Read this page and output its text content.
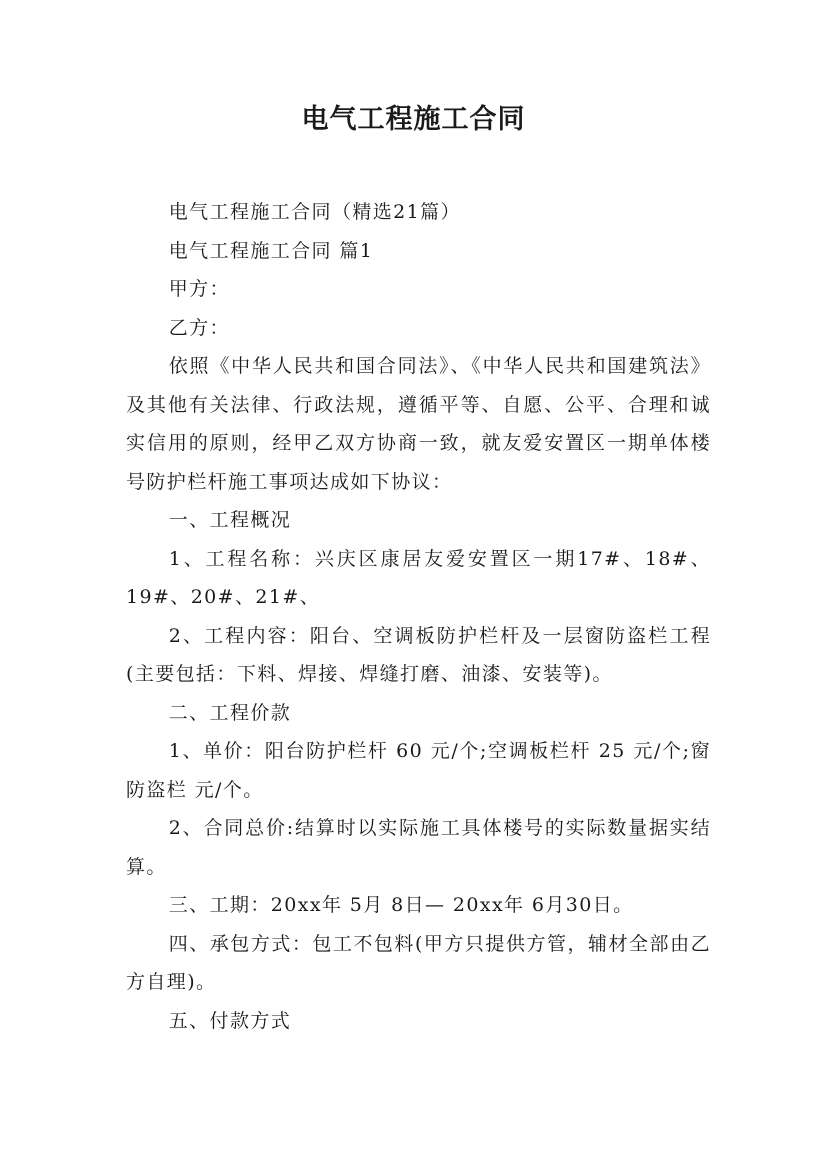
电气工程施工合同

电气工程施工合同（精选21篇）

电气工程施工合同 篇1

甲方：

乙方：

依照《中华人民共和国合同法》、《中华人民共和国建筑法》及其他有关法律、行政法规，遵循平等、自愿、公平、合理和诚实信用的原则，经甲乙双方协商一致，就友爱安置区一期单体楼号防护栏杆施工事项达成如下协议：

一、工程概况

1、工程名称：兴庆区康居友爱安置区一期17#、18#、19#、20#、21#、

2、工程内容：阳台、空调板防护栏杆及一层窗防盗栏工程(主要包括：下料、焊接、焊缝打磨、油漆、安装等)。

二、工程价款

1、单价：阳台防护栏杆 60 元/个;空调板栏杆 25 元/个;窗防盗栏 元/个。

2、合同总价:结算时以实际施工具体楼号的实际数量据实结算。

三、工期：20xx年 5月 8日— 20xx年 6月30日。

四、承包方式：包工不包料(甲方只提供方管，辅材全部由乙方自理)。

五、付款方式
